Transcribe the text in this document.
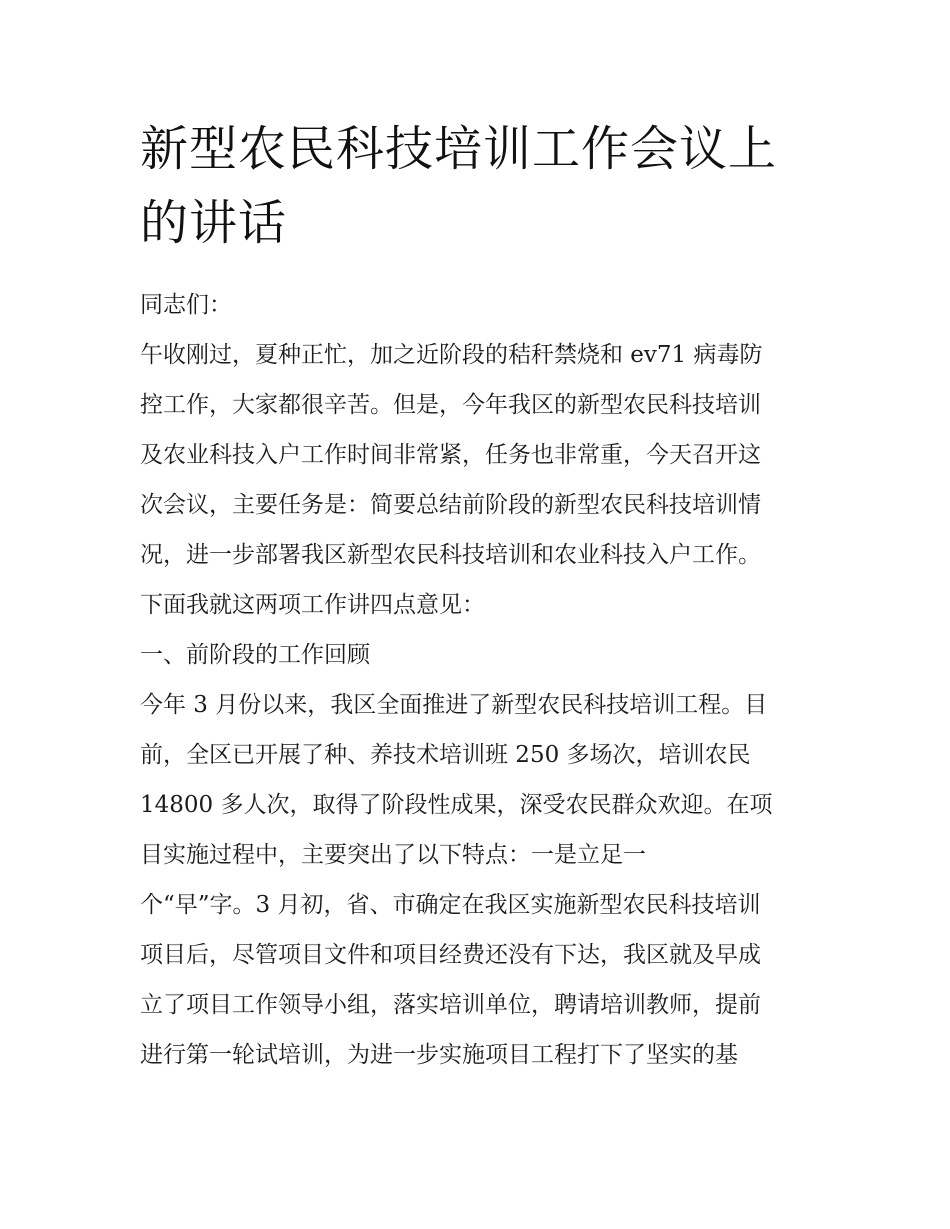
新型农民科技培训工作会议上
的讲话
同志们：
午收刚过，夏种正忙，加之近阶段的秸秆禁烧和 ev71 病毒防
控工作，大家都很辛苦。但是，今年我区的新型农民科技培训
及农业科技入户工作时间非常紧，任务也非常重，今天召开这
次会议，主要任务是：简要总结前阶段的新型农民科技培训情
况，进一步部署我区新型农民科技培训和农业科技入户工作。
下面我就这两项工作讲四点意见：
一、前阶段的工作回顾
今年 3 月份以来，我区全面推进了新型农民科技培训工程。目
前，全区已开展了种、养技术培训班 250 多场次，培训农民
14800 多人次，取得了阶段性成果，深受农民群众欢迎。在项
目实施过程中，主要突出了以下特点：一是立足一
个“早”字。3 月初，省、市确定在我区实施新型农民科技培训
项目后，尽管项目文件和项目经费还没有下达，我区就及早成
立了项目工作领导小组，落实培训单位，聘请培训教师，提前
进行第一轮试培训，为进一步实施项目工程打下了坚实的基
